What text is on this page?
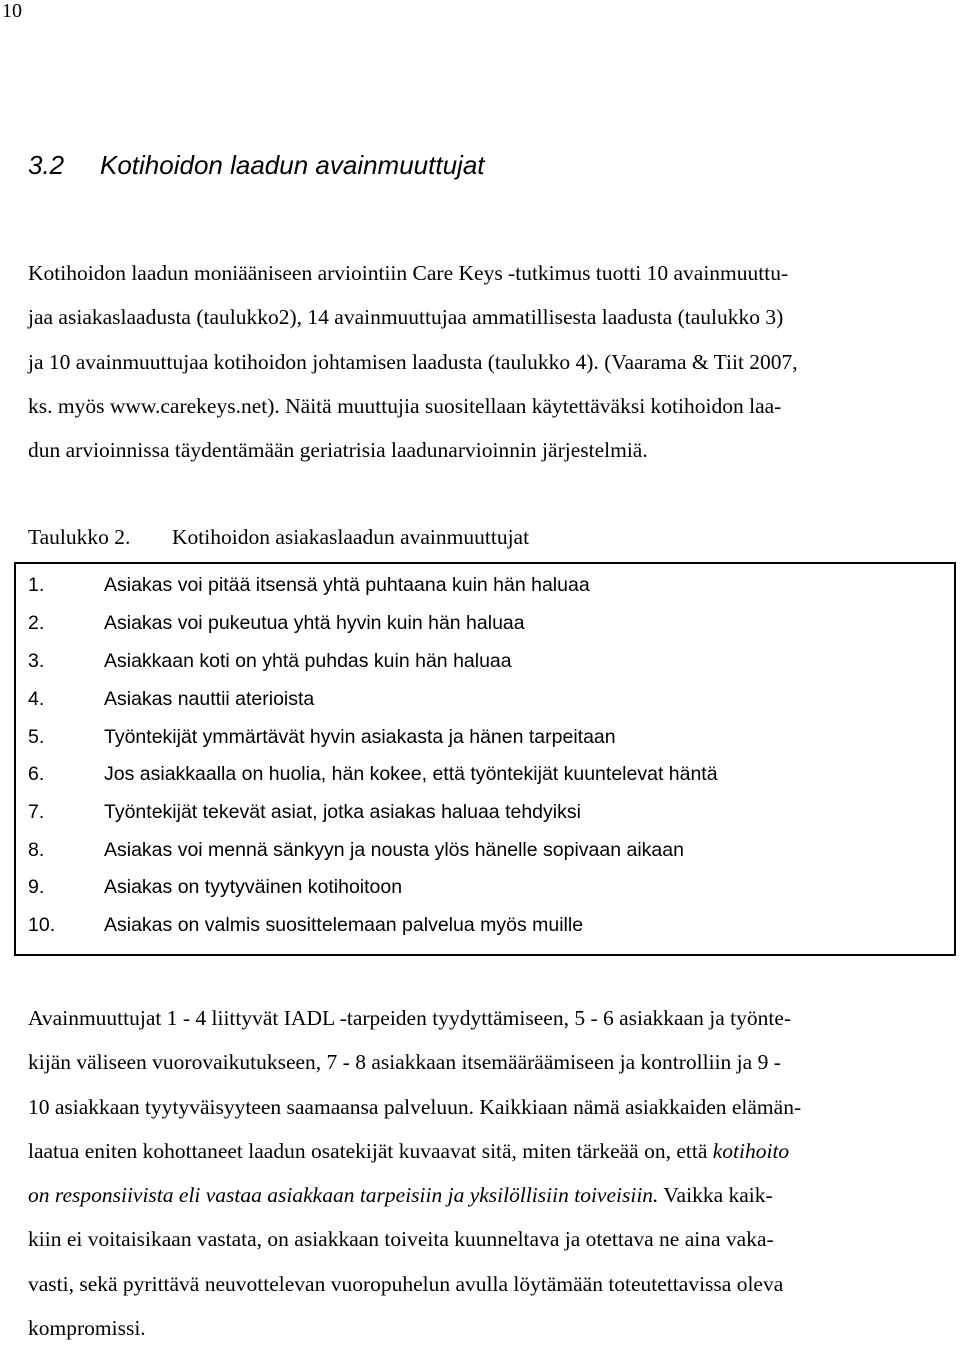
10
3.2 Kotihoidon laadun avainmuuttujat
Kotihoidon laadun moniääniseen arviointiin Care Keys -tutkimus tuotti 10 avainmuuttu-
jaa asiakaslaadusta (taulukko2), 14 avainmuuttujaa ammatillisesta laadusta (taulukko 3)
ja 10 avainmuuttujaa kotihoidon johtamisen laadusta (taulukko 4). (Vaarama & Tiit 2007,
ks. myös www.carekeys.net). Näitä muuttujia suositellaan käytettäväksi kotihoidon laa-
dun arvioinnissa täydentämään geriatrisia laadunarvioinnin järjestelmiä.
Taulukko 2. Kotihoidon asiakaslaadun avainmuuttujat
1.	Asiakas voi pitää itsensä yhtä puhtaana kuin hän haluaa
2.	Asiakas voi pukeutua yhtä hyvin kuin hän haluaa
3.	Asiakkaan koti on yhtä puhdas kuin hän haluaa
4.	Asiakas nauttii aterioista
5.	Työntekijät ymmärtävät hyvin asiakasta ja hänen tarpeitaan
6.	Jos asiakkaalla on huolia, hän kokee, että työntekijät kuuntelevat häntä
7.	Työntekijät tekevät asiat, jotka asiakas haluaa tehdyiksi
8.	Asiakas voi mennä sänkyyn ja nousta ylös hänelle sopivaan aikaan
9.	Asiakas on tyytyväinen kotihoitoon
10.	Asiakas on valmis suosittelemaan palvelua myös muille
Avainmuuttujat 1 - 4 liittyvät IADL -tarpeiden tyydyttämiseen, 5 - 6 asiakkaan ja työnte-
kijän väliseen vuorovaikutukseen, 7 - 8 asiakkaan itsemääräämiseen ja kontrolliin ja 9 -
10 asiakkaan tyytyväisyyteen saamaansa palveluun. Kaikkiaan nämä asiakkaiden elämän-
laatua eniten kohottaneet laadun osatekijät kuvaavat sitä, miten tärkeää on, että kotihoito
on responsiivista eli vastaa asiakkaan tarpeisiin ja yksilöllisiin toiveisiin. Vaikka kaik-
kiin ei voitaisikaan vastata, on asiakkaan toiveita kuunneltava ja otettava ne aina vaka-
vasti, sekä pyrittävä neuvottelevan vuoropuhelun avulla löytämään toteutettavissa oleva
kompromissi.
